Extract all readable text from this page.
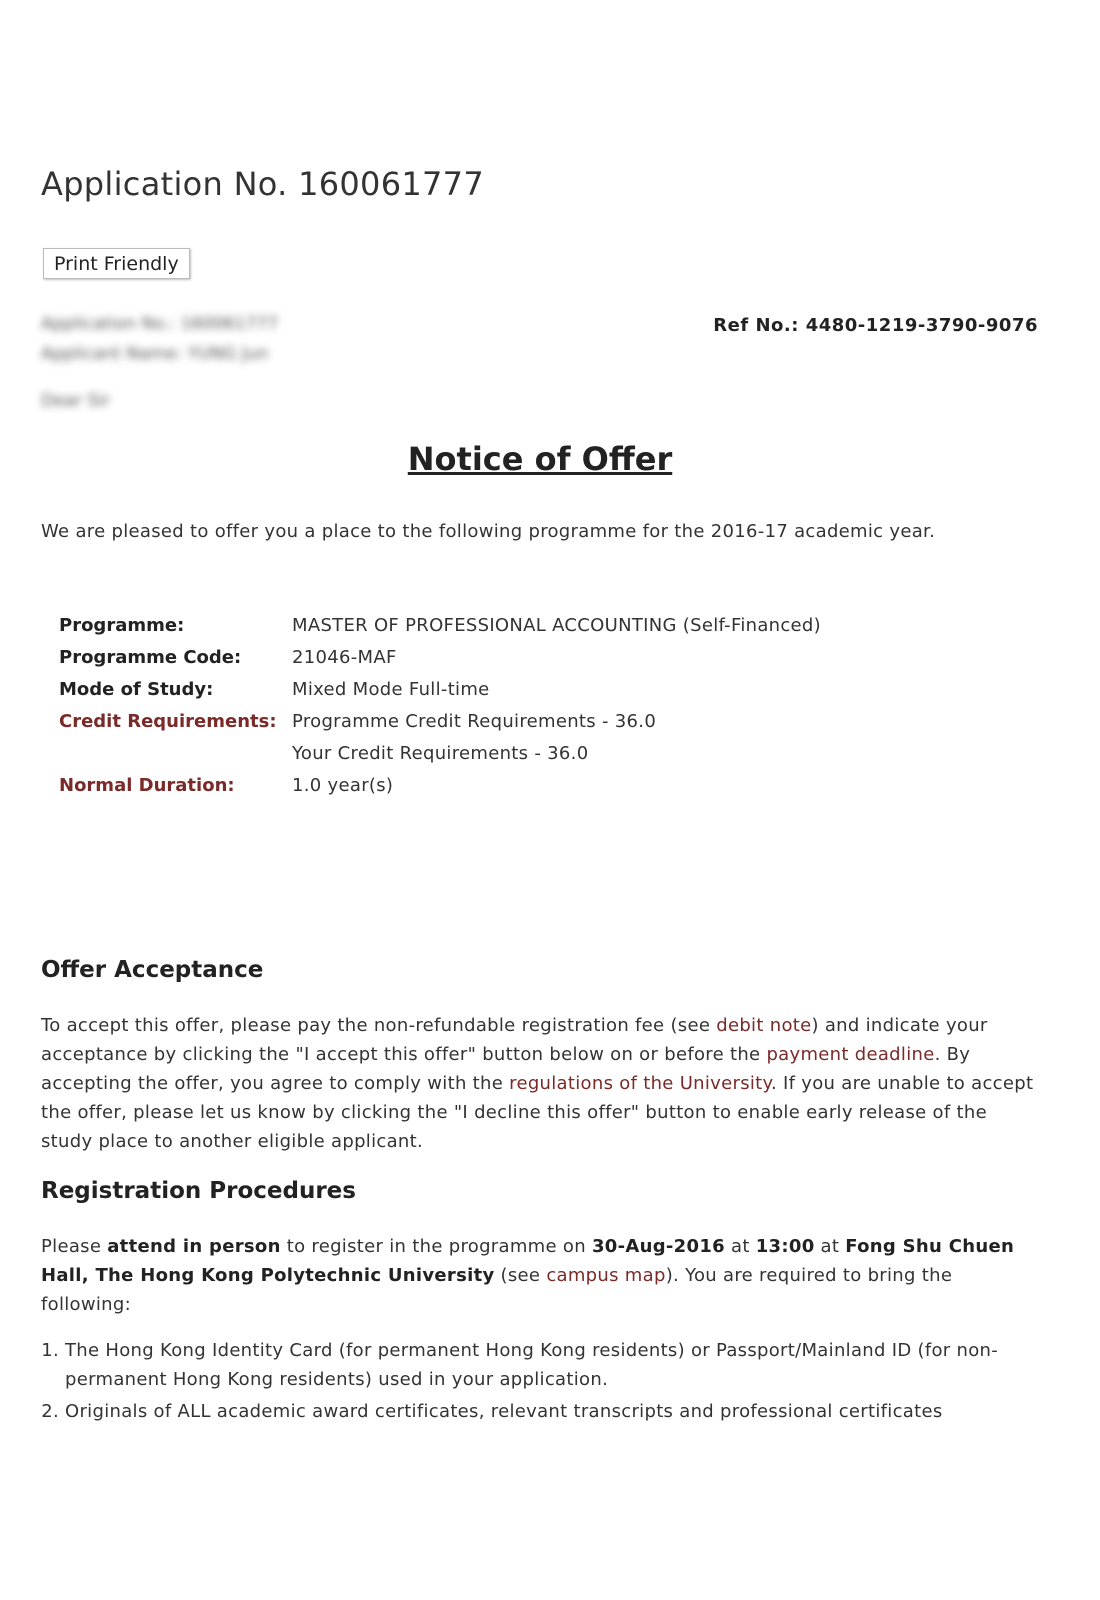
Application No. 160061777
Print Friendly
Application No.: 160061777
Applicant Name: YUNG Jun
Dear Sir
Ref No.: 4480-1219-3790-9076
Notice of Offer

We are pleased to offer you a place to the following programme for the 2016-17 academic year.

Programme:	MASTER OF PROFESSIONAL ACCOUNTING (Self-Financed)
Programme Code:	21046-MAF
Mode of Study:	Mixed Mode Full-time
Credit Requirements: Programme Credit Requirements - 36.0
Your Credit Requirements - 36.0
Normal Duration:	1.0 year(s)
Offer Acceptance

To accept this offer, please pay the non-refundable registration fee (see debit note) and indicate your acceptance by clicking the "I accept this offer" button below on or before the payment deadline. By accepting the offer, you agree to comply with the regulations of the University. If you are unable to accept the offer, please let us know by clicking the "I decline this offer" button to enable early release of the study place to another eligible applicant.

Registration Procedures

Please attend in person to register in the programme on 30-Aug-2016 at 13:00 at Fong Shu Chuen Hall, The Hong Kong Polytechnic University (see campus map). You are required to bring the following:

1. The Hong Kong Identity Card (for permanent Hong Kong residents) or Passport/Mainland ID (for non-permanent Hong Kong residents) used in your application.
2. Originals of ALL academic award certificates, relevant transcripts and professional certificates
